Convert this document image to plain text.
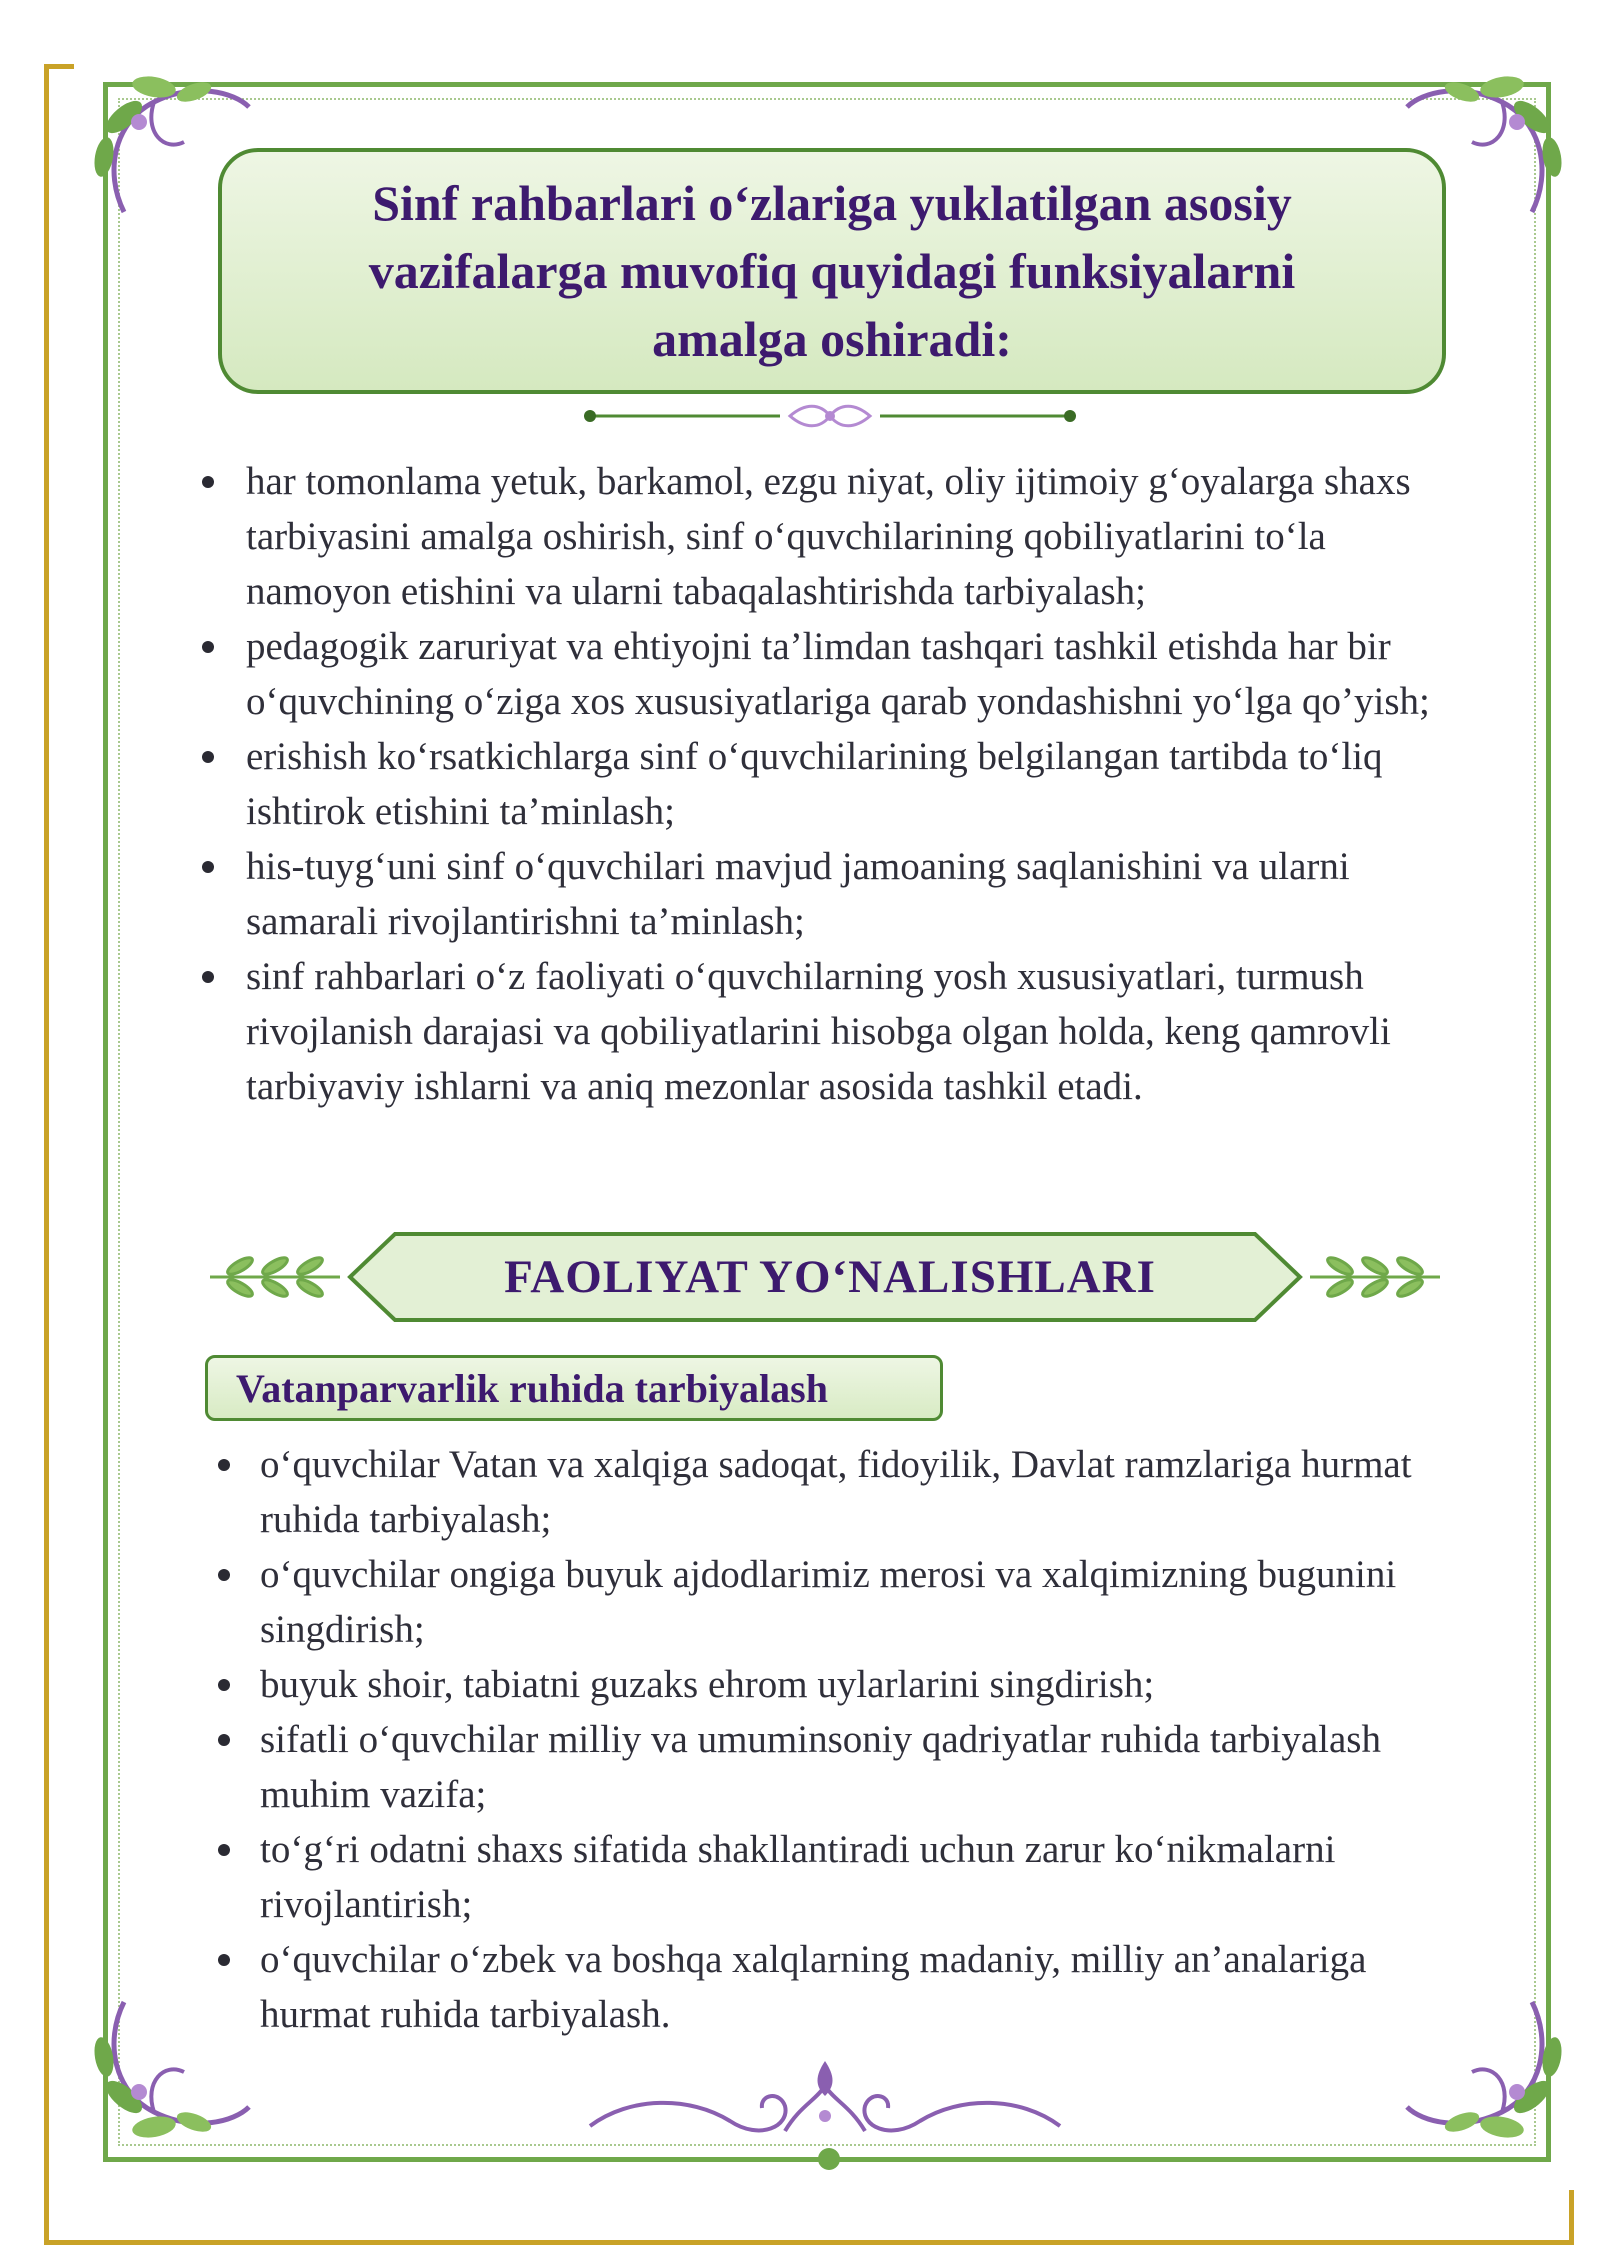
Sinf rahbarlari o‘zlariga yuklatilgan asosiy vazifalarga muvofiq quyidagi funksiyalarni amalga oshiradi:
har tomonlama yetuk, barkamol, ezgu niyat, oliy ijtimoiy g‘oyalarga shaxs tarbiyasini amalga oshirish, sinf o‘quvchilarining qobiliyatlarini to‘la namoyon etishini va ularni tabaqalashtirishda tarbiyalash;
pedagogik zaruriyat va ehtiyojni ta’limdan tashqari tashkil etishda har bir o‘quvchining o‘ziga xos xususiyatlariga qarab yondashishni yo‘lga qo’yish;
erishish ko‘rsatkichlarga sinf o‘quvchilarining belgilangan tartibda to‘liq ishtirok etishini ta’minlash;
his-tuyg‘uni sinf o‘quvchilari mavjud jamoaning saqlanishini va ularni samarali rivojlantirishni ta’minlash;
sinf rahbarlari o‘z faoliyati o‘quvchilarning yosh xususiyatlari, turmush rivojlanish darajasi va qobiliyatlarini hisobga olgan holda, keng qamrovli tarbiyaviy ishlarni va aniq mezonlar asosida tashkil etadi.
FAOLIYAT YO‘NALISHLARI
Vatanparvarlik ruhida tarbiyalash
o‘quvchilar Vatan va xalqiga sadoqat, fidoyilik, Davlat ramzlariga hurmat ruhida tarbiyalash;
o‘quvchilar ongiga buyuk ajdodlarimiz merosi va xalqimizning bugunini singdirish;
buyuk shoir, tabiatni guzaks ehrom uylarlarini singdirish;
sifatli o‘quvchilar milliy va umuminsoniy qadriyatlar ruhida tarbiyalash muhim vazifa;
to‘g‘ri odatni shaxs sifatida shakllantiradi uchun zarur ko‘nikmalarni rivojlantirish;
o‘quvchilar o‘zbek va boshqa xalqlarning madaniy, milliy an’analariga hurmat ruhida tarbiyalash.
